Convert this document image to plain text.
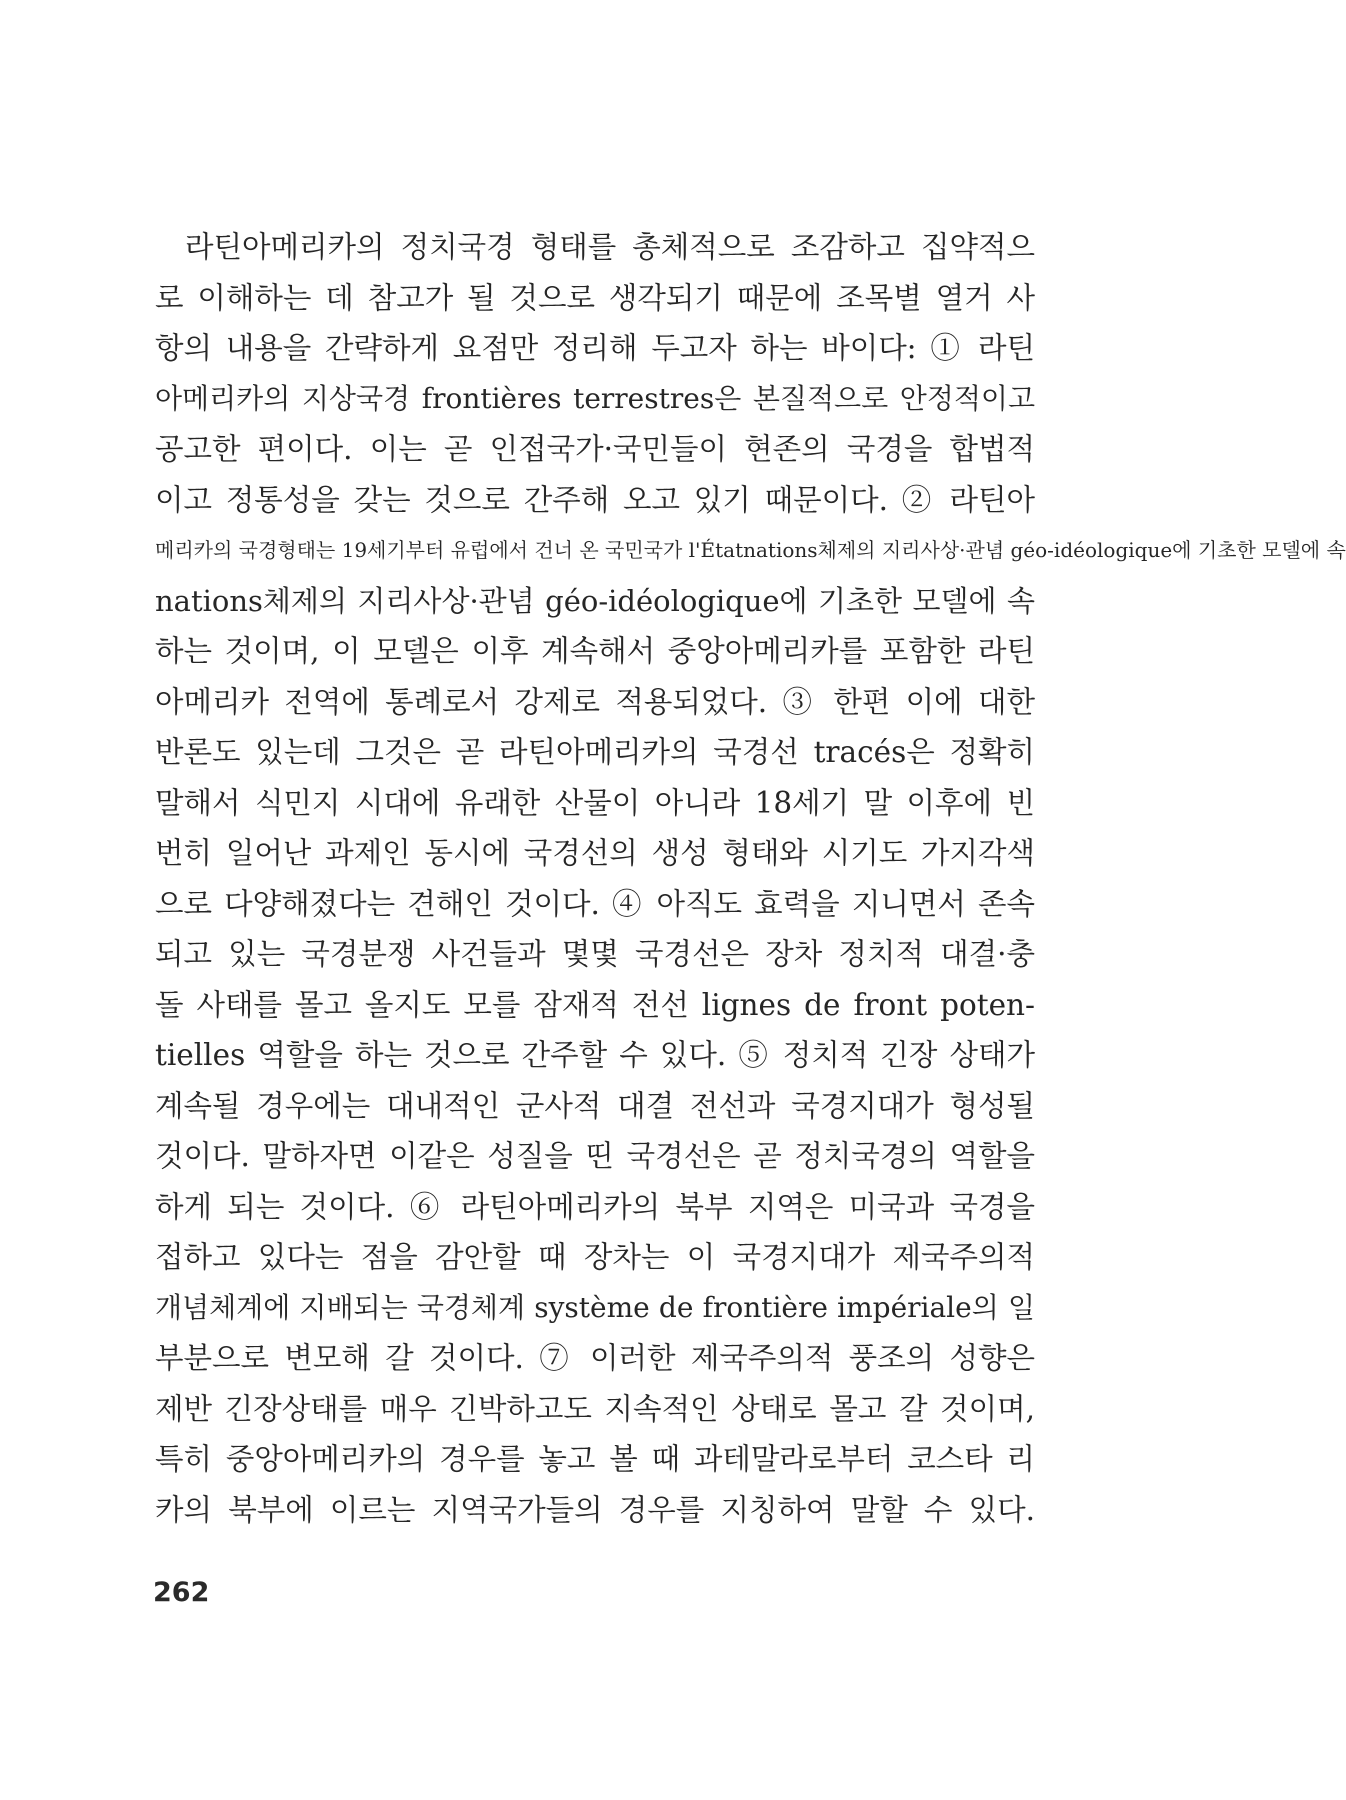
라틴아메리카의 정치국경 형태를 총체적으로 조감하고 집약적으
로 이해하는 데 참고가 될 것으로 생각되기 때문에 조목별 열거 사
항의 내용을 간략하게 요점만 정리해 두고자 하는 바이다: ① 라틴
아메리카의 지상국경 frontières terrestres은 본질적으로 안정적이고
공고한 편이다. 이는 곧 인접국가·국민들이 현존의 국경을 합법적
이고 정통성을 갖는 것으로 간주해 오고 있기 때문이다. ② 라틴아
메리카의 국경형태는 19세기부터 유럽에서 건너 온 국민국가 l'Étatnations체제의 지리사상·관념 géo-idéologique에 기초한 모델에 속
nations체제의 지리사상·관념 géo-idéologique에 기초한 모델에 속
하는 것이며, 이 모델은 이후 계속해서 중앙아메리카를 포함한 라틴
아메리카 전역에 통례로서 강제로 적용되었다. ③ 한편 이에 대한
반론도 있는데 그것은 곧 라틴아메리카의 국경선 tracés은 정확히
말해서 식민지 시대에 유래한 산물이 아니라 18세기 말 이후에 빈
번히 일어난 과제인 동시에 국경선의 생성 형태와 시기도 가지각색
으로 다양해졌다는 견해인 것이다. ④ 아직도 효력을 지니면서 존속
되고 있는 국경분쟁 사건들과 몇몇 국경선은 장차 정치적 대결·충
돌 사태를 몰고 올지도 모를 잠재적 전선 lignes de front poten-
tielles 역할을 하는 것으로 간주할 수 있다. ⑤ 정치적 긴장 상태가
계속될 경우에는 대내적인 군사적 대결 전선과 국경지대가 형성될
것이다. 말하자면 이같은 성질을 띤 국경선은 곧 정치국경의 역할을
하게 되는 것이다. ⑥ 라틴아메리카의 북부 지역은 미국과 국경을
접하고 있다는 점을 감안할 때 장차는 이 국경지대가 제국주의적
개념체계에 지배되는 국경체계 système de frontière impériale의 일
부분으로 변모해 갈 것이다. ⑦ 이러한 제국주의적 풍조의 성향은
제반 긴장상태를 매우 긴박하고도 지속적인 상태로 몰고 갈 것이며,
특히 중앙아메리카의 경우를 놓고 볼 때 과테말라로부터 코스타 리
카의 북부에 이르는 지역국가들의 경우를 지칭하여 말할 수 있다.
262
